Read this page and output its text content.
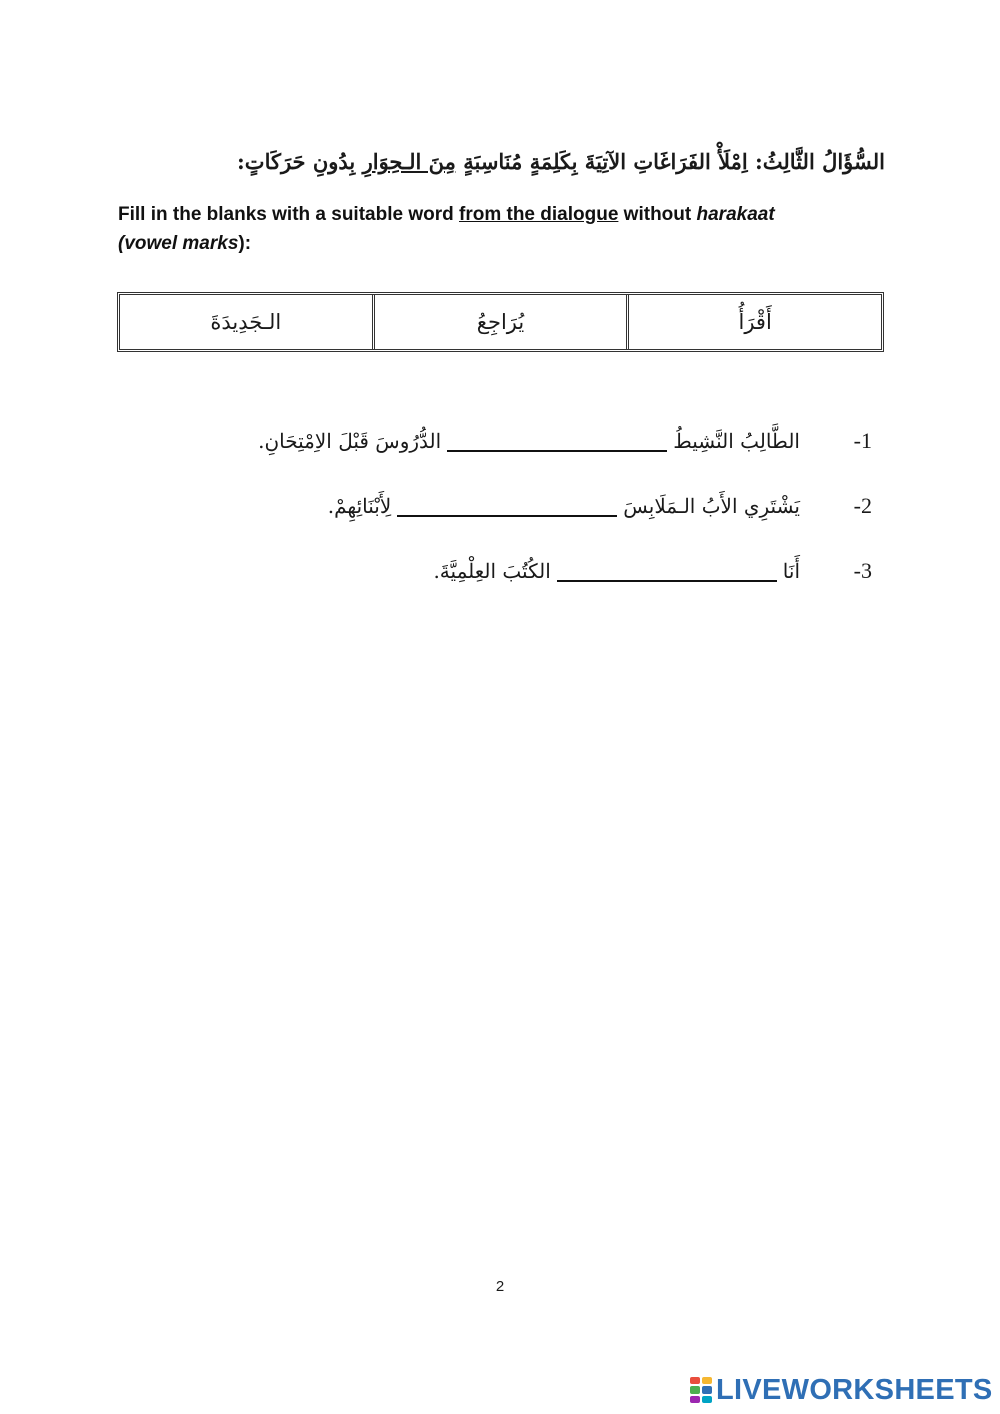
السُّؤَالُ الثَّالِثُ: اِمْلَأْ الفَرَاغَاتِ الآتِيَةَ بِكَلِمَةٍ مُنَاسِبَةٍ مِنَ الـحِوَارِ بِدُونِ حَرَكَاتٍ:
Fill in the blanks with a suitable word from the dialogue without harakaat
(vowel marks):
أَقْرَأُ
يُرَاجِعُ
الـجَدِيدَةَ
-1
الطَّالِبُ النَّشِيطُ
الدُّرُوسَ قَبْلَ الاِمْتِحَانِ.
-2
يَشْتَرِي الأَبُ الـمَلَابِسَ
لِأَبْنَائِهِمْ.
-3
أَنَا
الكُتُبَ العِلْمِيَّةَ.
2
LIVEWORKSHEETS
